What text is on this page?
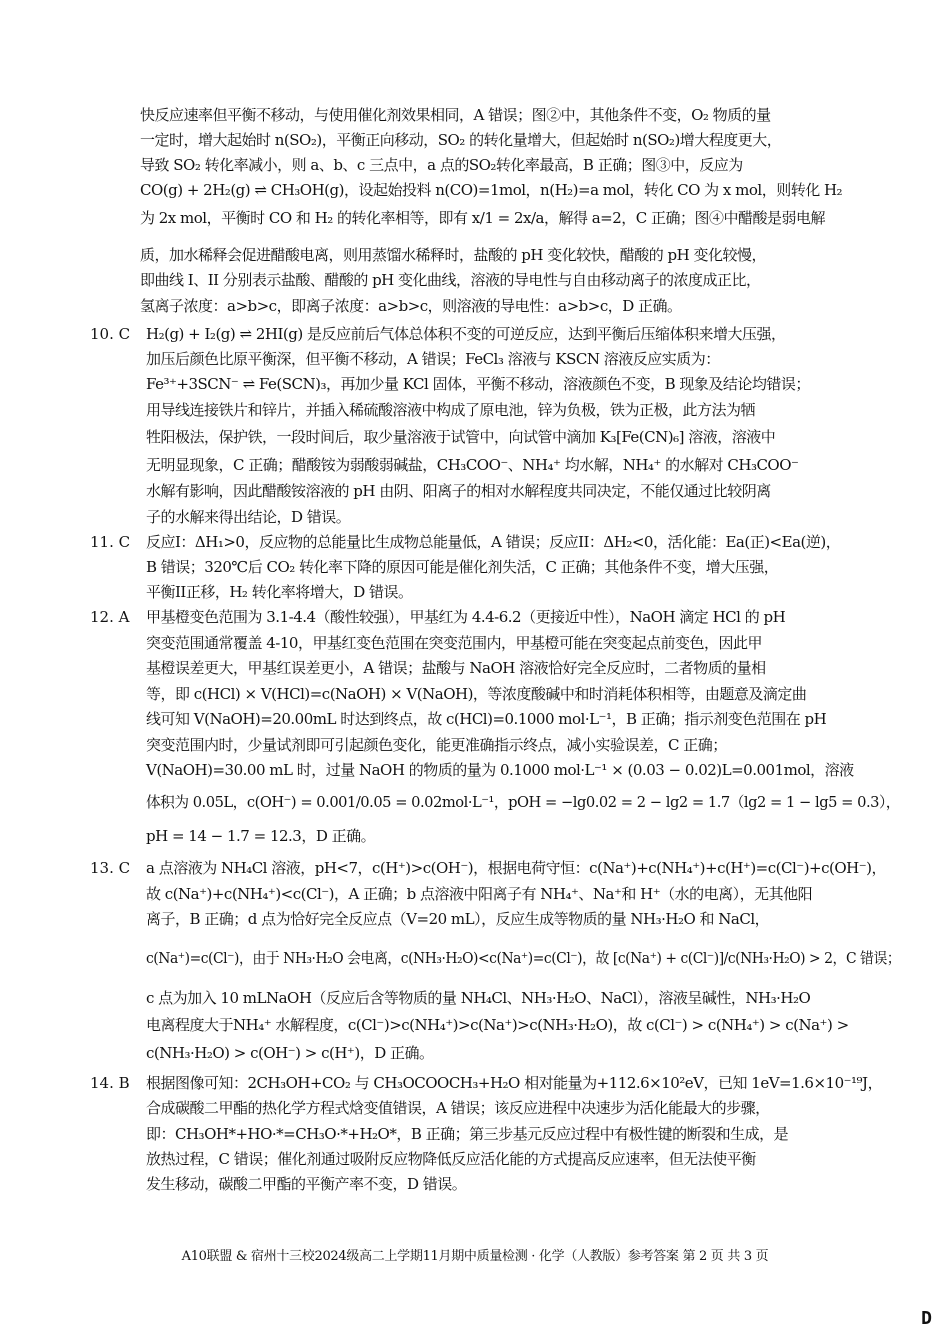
快反应速率但平衡不移动，与使用催化剂效果相同，A 错误；图②中，其他条件不变，O₂ 物质的量
一定时，增大起始时 n(SO₂)，平衡正向移动，SO₂ 的转化量增大，但起始时 n(SO₂)增大程度更大，
导致 SO₂ 转化率减小，则 a、b、c 三点中，a 点的SO₂转化率最高，B 正确；图③中，反应为
CO(g) + 2H₂(g) ⇌ CH₃OH(g)，设起始投料 n(CO)=1mol，n(H₂)=a mol，转化 CO 为 x mol，则转化 H₂
为 2x mol，平衡时 CO 和 H₂ 的转化率相等，即有 x/1 = 2x/a，解得 a=2，C 正确；图④中醋酸是弱电解
质，加水稀释会促进醋酸电离，则用蒸馏水稀释时，盐酸的 pH 变化较快，醋酸的 pH 变化较慢，
即曲线 I、II 分别表示盐酸、醋酸的 pH 变化曲线，溶液的导电性与自由移动离子的浓度成正比，
氢离子浓度：a>b>c，即离子浓度：a>b>c，则溶液的导电性：a>b>c，D 正确。
10. C H₂(g) + I₂(g) ⇌ 2HI(g) 是反应前后气体总体积不变的可逆反应，达到平衡后压缩体积来增大压强，
加压后颜色比原平衡深，但平衡不移动，A 错误；FeCl₃ 溶液与 KSCN 溶液反应实质为：
Fe³⁺+3SCN⁻ ⇌ Fe(SCN)₃，再加少量 KCl 固体，平衡不移动，溶液颜色不变，B 现象及结论均错误；
用导线连接铁片和锌片，并插入稀硫酸溶液中构成了原电池，锌为负极，铁为正极，此方法为牺
牲阳极法，保护铁，一段时间后，取少量溶液于试管中，向试管中滴加 K₃[Fe(CN)₆] 溶液，溶液中
无明显现象，C 正确；醋酸铵为弱酸弱碱盐，CH₃COO⁻、NH₄⁺ 均水解，NH₄⁺ 的水解对 CH₃COO⁻
水解有影响，因此醋酸铵溶液的 pH 由阴、阳离子的相对水解程度共同决定，不能仅通过比较阴离
子的水解来得出结论，D 错误。
11. C 反应I：ΔH₁>0，反应物的总能量比生成物总能量低，A 错误；反应II：ΔH₂<0，活化能：Ea(正)<Ea(逆)，
B 错误；320℃后 CO₂ 转化率下降的原因可能是催化剂失活，C 正确；其他条件不变，增大压强，
平衡II正移，H₂ 转化率将增大，D 错误。
12. A 甲基橙变色范围为 3.1-4.4（酸性较强），甲基红为 4.4-6.2（更接近中性），NaOH 滴定 HCl 的 pH
突变范围通常覆盖 4-10，甲基红变色范围在突变范围内，甲基橙可能在突变起点前变色，因此甲
基橙误差更大，甲基红误差更小，A 错误；盐酸与 NaOH 溶液恰好完全反应时，二者物质的量相
等，即 c(HCl) × V(HCl)=c(NaOH) × V(NaOH)，等浓度酸碱中和时消耗体积相等，由题意及滴定曲
线可知 V(NaOH)=20.00mL 时达到终点，故 c(HCl)=0.1000 mol·L⁻¹，B 正确；指示剂变色范围在 pH
突变范围内时，少量试剂即可引起颜色变化，能更准确指示终点，减小实验误差，C 正确；
V(NaOH)=30.00 mL 时，过量 NaOH 的物质的量为 0.1000 mol·L⁻¹ × (0.03 − 0.02)L=0.001mol，溶液
体积为 0.05L，c(OH⁻) = 0.001/0.05 = 0.02mol·L⁻¹，pOH = −lg0.02 = 2 − lg2 = 1.7（lg2 = 1 − lg5 = 0.3），
pH = 14 − 1.7 = 12.3，D 正确。
13. C a 点溶液为 NH₄Cl 溶液，pH<7，c(H⁺)>c(OH⁻)，根据电荷守恒：c(Na⁺)+c(NH₄⁺)+c(H⁺)=c(Cl⁻)+c(OH⁻)，
故 c(Na⁺)+c(NH₄⁺)<c(Cl⁻)，A 正确；b 点溶液中阳离子有 NH₄⁺、Na⁺和 H⁺（水的电离），无其他阳
离子，B 正确；d 点为恰好完全反应点（V=20 mL），反应生成等物质的量 NH₃·H₂O 和 NaCl，
c(Na⁺)=c(Cl⁻)，由于 NH₃·H₂O 会电离，c(NH₃·H₂O)<c(Na⁺)=c(Cl⁻)，故 [c(Na⁺) + c(Cl⁻)]/c(NH₃·H₂O) > 2，C 错误；
c 点为加入 10 mLNaOH（反应后含等物质的量 NH₄Cl、NH₃·H₂O、NaCl），溶液呈碱性，NH₃·H₂O
电离程度大于NH₄⁺ 水解程度，c(Cl⁻)>c(NH₄⁺)>c(Na⁺)>c(NH₃·H₂O)，故 c(Cl⁻) > c(NH₄⁺) > c(Na⁺) >
c(NH₃·H₂O) > c(OH⁻) > c(H⁺)，D 正确。
14. B 根据图像可知：2CH₃OH+CO₂ 与 CH₃OCOOCH₃+H₂O 相对能量为+112.6×10²eV，已知 1eV=1.6×10⁻¹⁹J，
合成碳酸二甲酯的热化学方程式焓变值错误，A 错误；该反应进程中决速步为活化能最大的步骤，
即：CH₃OH*+HO·*=CH₃O·*+H₂O*，B 正确；第三步基元反应过程中有极性键的断裂和生成，是
放热过程，C 错误；催化剂通过吸附反应物降低反应活化能的方式提高反应速率，但无法使平衡
发生移动，碳酸二甲酯的平衡产率不变，D 错误。
A10联盟 & 宿州十三校2024级高二上学期11月期中质量检测 · 化学（人教版）参考答案 第 2 页 共 3 页
D
